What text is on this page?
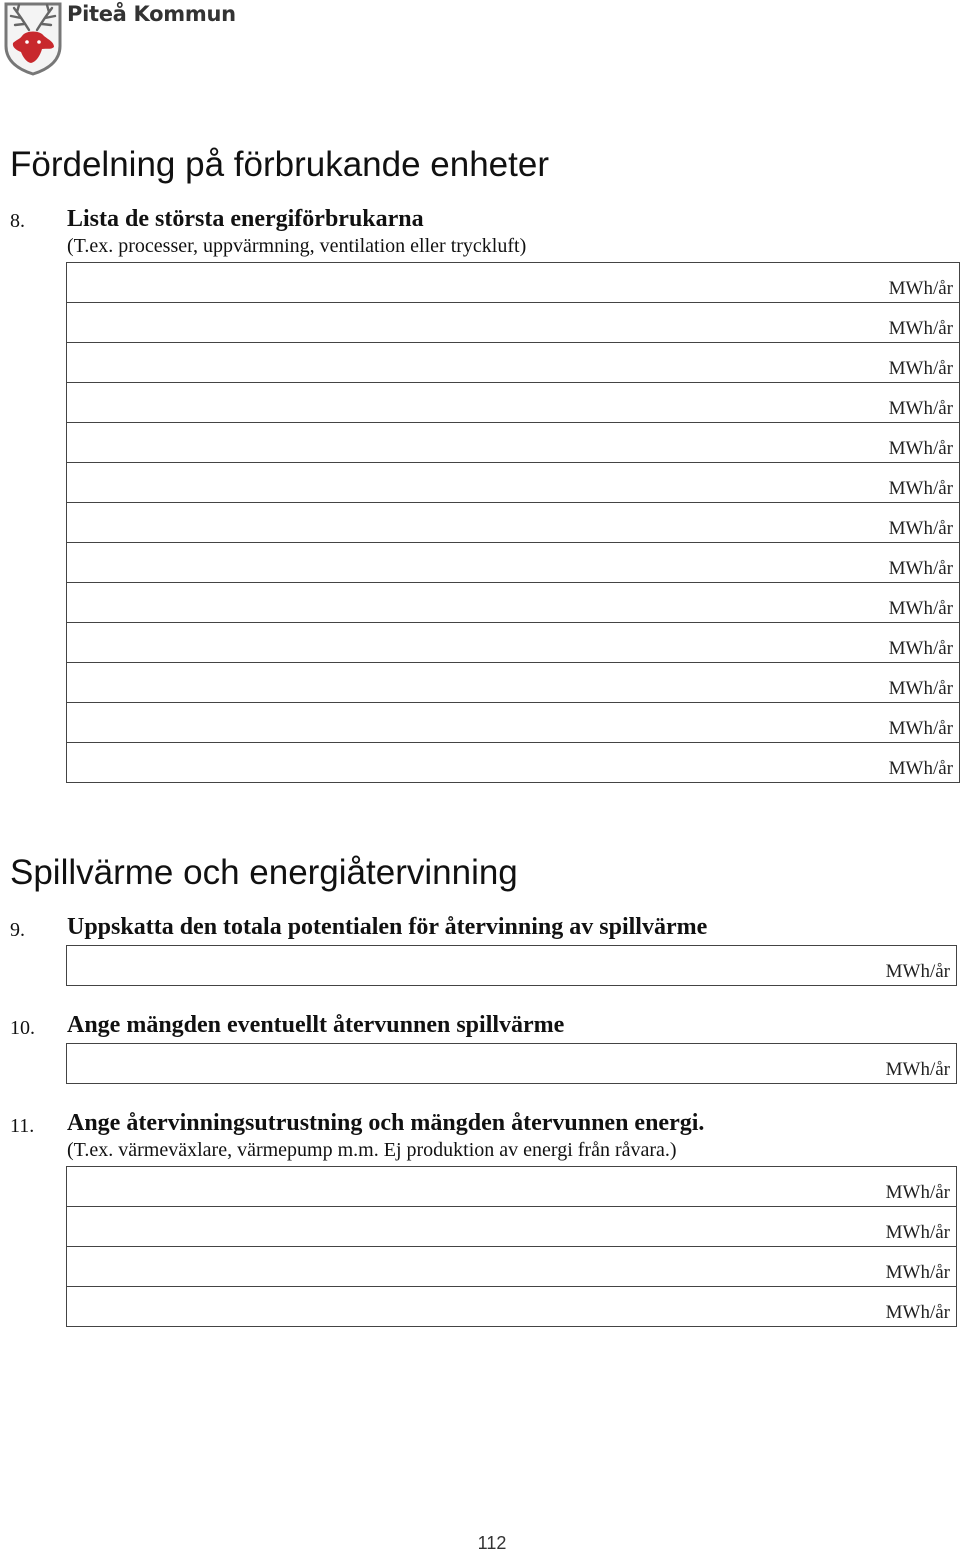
Piteå Kommun
Fördelning på förbrukande enheter
8. Lista de största energiförbrukarna
(T.ex. processer, uppvärmning, ventilation eller tryckluft)
MWh/år

MWh/år

MWh/år

MWh/år

MWh/år

MWh/år

MWh/år

MWh/år

MWh/år

MWh/år

MWh/år

MWh/år

MWh/år
Spillvärme och energiåtervinning
9. Uppskatta den totala potentialen för återvinning av spillvärme
MWh/år
10. Ange mängden eventuellt återvunnen spillvärme
MWh/år
11. Ange återvinningsutrustning och mängden återvunnen energi.
(T.ex. värmeväxlare, värmepump m.m. Ej produktion av energi från råvara.)
MWh/år

MWh/år

MWh/år

MWh/år
112
